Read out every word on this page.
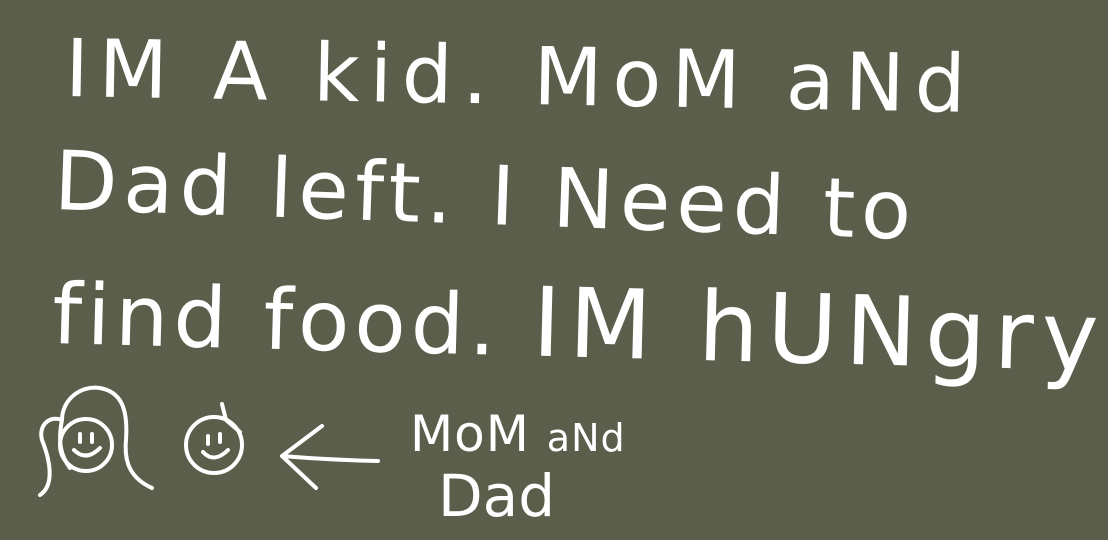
IM A kid. MoM aNd

Dad left. I Need to

find food. IM hUNgry

MoM aNd

Dad
